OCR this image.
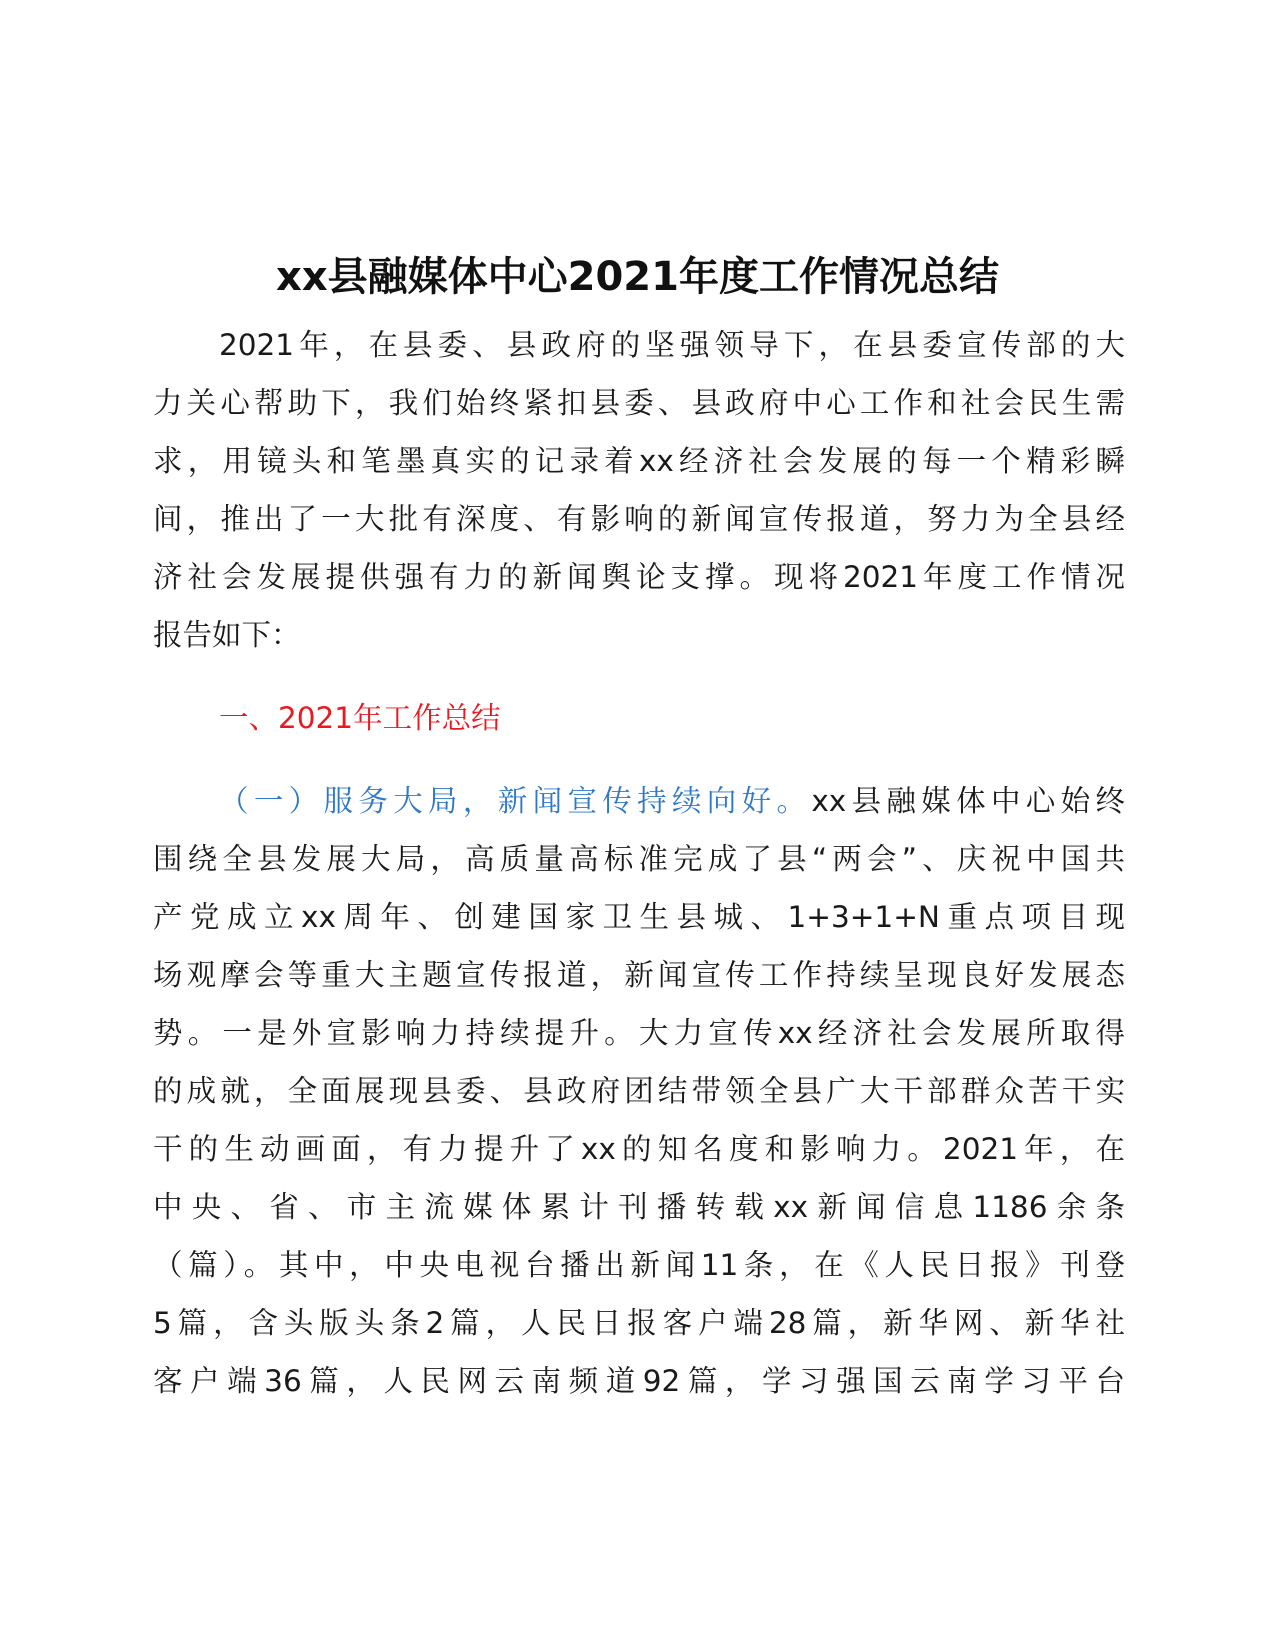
xx县融媒体中心2021年度工作情况总结
2021年，在县委、县政府的坚强领导下，在县委宣传部的大
力关心帮助下，我们始终紧扣县委、县政府中心工作和社会民生需
求，用镜头和笔墨真实的记录着xx经济社会发展的每一个精彩瞬
间，推出了一大批有深度、有影响的新闻宣传报道，努力为全县经
济社会发展提供强有力的新闻舆论支撑。现将2021年度工作情况
报告如下：
一、2021年工作总结
（一）服务大局，新闻宣传持续向好。xx县融媒体中心始终
围绕全县发展大局，高质量高标准完成了县“两会”、庆祝中国共
产党成立xx周年、创建国家卫生县城、1+3+1+N重点项目现
场观摩会等重大主题宣传报道，新闻宣传工作持续呈现良好发展态
势。一是外宣影响力持续提升。大力宣传xx经济社会发展所取得
的成就，全面展现县委、县政府团结带领全县广大干部群众苦干实
干的生动画面，有力提升了xx的知名度和影响力。2021年，在
中央、省、市主流媒体累计刊播转载xx新闻信息1186余条
（篇）。其中，中央电视台播出新闻11条，在《人民日报》刊登
5篇，含头版头条2篇，人民日报客户端28篇，新华网、新华社
客户端36篇，人民网云南频道92篇，学习强国云南学习平台
